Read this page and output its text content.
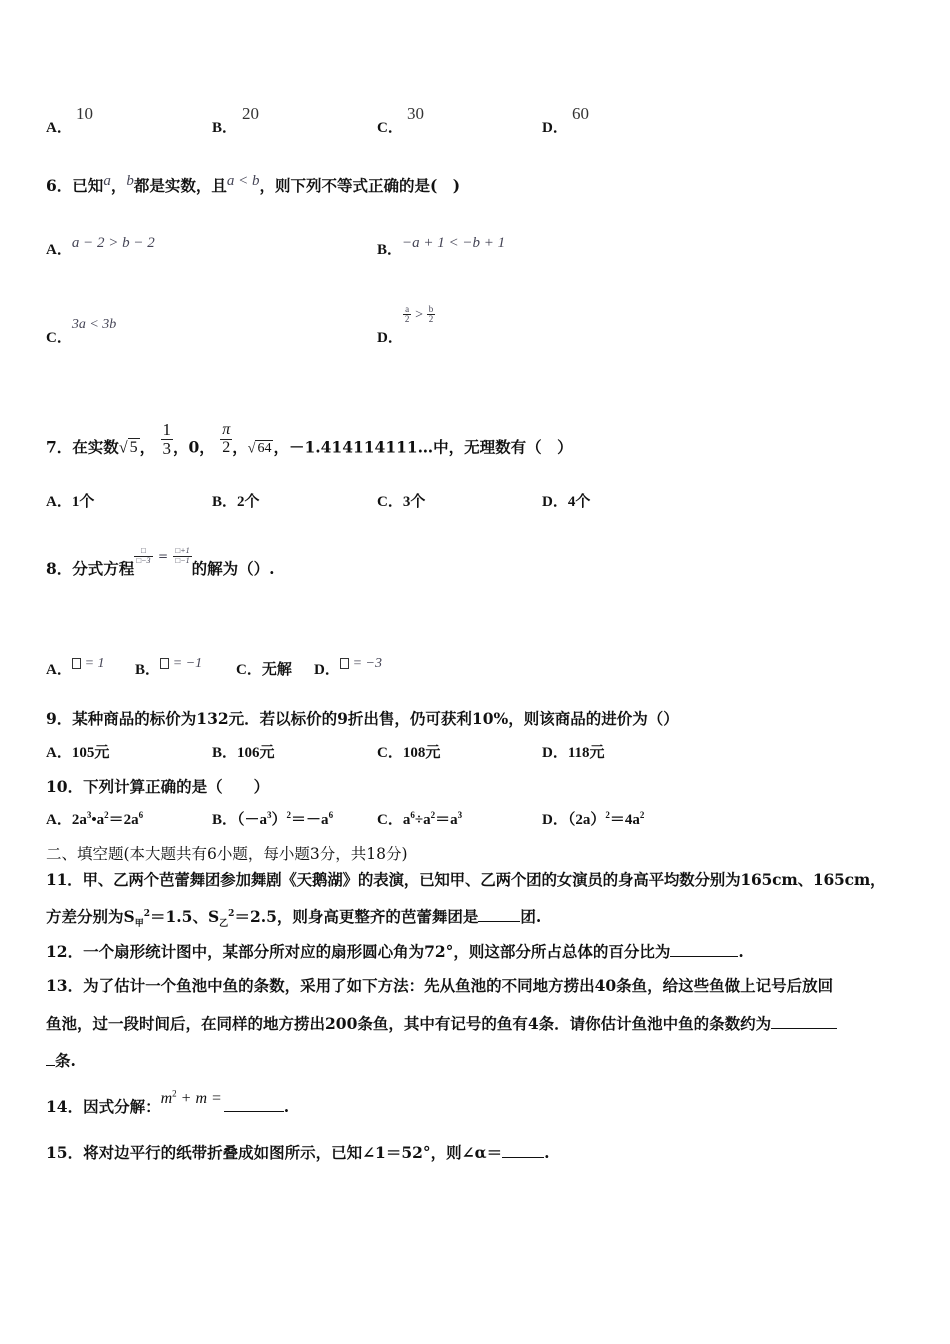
A．
10
B．
20
C．
30
D．
60
6．已知a，b都是实数，且a < b，则下列不等式正确的是(　)
A．a − 2 > b − 2	B．−a + 1 < −b + 1
C．3a < 3b
D．
$\frac{a}{2} > \frac{b}{2}$
7．在实数√ 5 ， $\frac{1}{3}$ ，0， $\frac{\pi}{2}$ ，√ 64 ，－1.414114111…中，无理数有（　）
A．1个	B．2个	C．3个	D．4个
8．分式方程
$\frac{□}{□-3} = \frac{□+1}{□-1}$
的解为（）.
A． = 1 B． = −1 C．无解 D． = −3
9．某种商品的标价为132元．若以标价的9折出售，仍可获利10%，则该商品的进价为（）
A．105元	B．106元	C．108元	D．118元
10．下列计算正确的是（　　）
A．$2a^3•a^2=2a^6$	B．$(-a^3)^2=-a^6$	C．$a^6\div a^2=a^3$	D．$(2a)^2=4a^2$
二、填空题(本大题共有6小题，每小题3分，共18分)
11．甲、乙两个芭蕾舞团参加舞剧《天鹅湖》的表演，已知甲、乙两个团的女演员的身高平均数分别为165cm、165cm，
方差分别为$S_甲^2=1.5$、$S_乙^2=2.5$，则身高更整齐的芭蕾舞团是	团.
12．一个扇形统计图中，某部分所对应的扇形圆心角为72°，则这部分所占总体的百分比为	.
13．为了估计一个鱼池中鱼的条数，采用了如下方法：先从鱼池的不同地方捞出40条鱼，给这些鱼做上记号后放回
鱼池，过一段时间后，在同样的地方捞出200条鱼，其中有记号的鱼有4条．请你估计鱼池中鱼的条数约为
条.
14．因式分解：$m^2 + m$ =	.
15．将对边平行的纸带折叠成如图所示，已知∠1＝52°，则∠α＝	.
